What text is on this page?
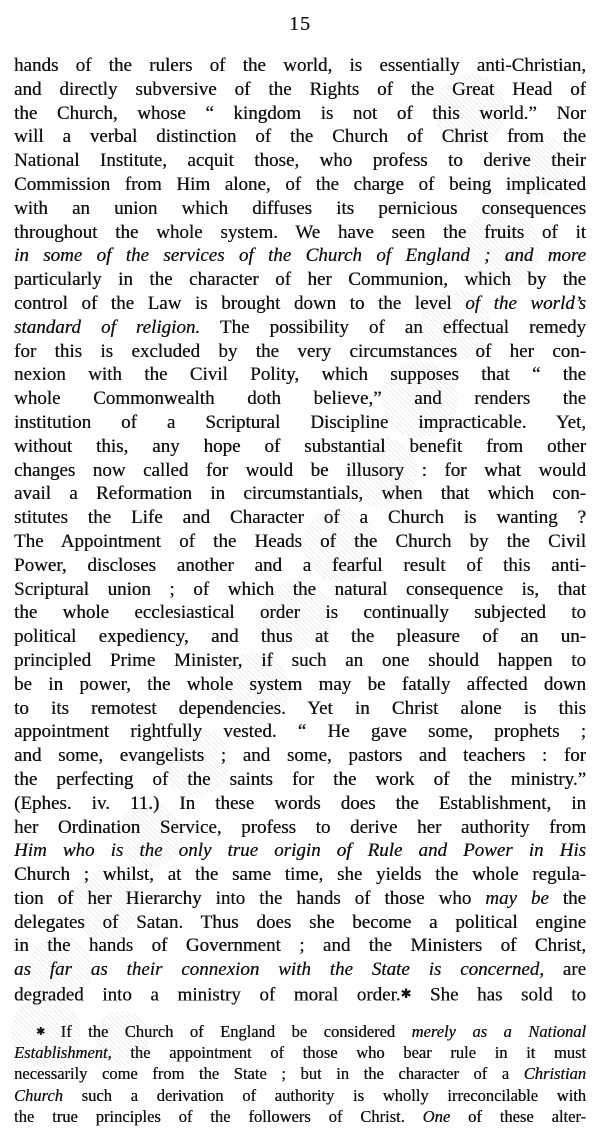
15
hands of the rulers of the world, is essentially anti-Christian,
and directly subversive of the Rights of the Great Head of
the Church, whose “ kingdom is not of this world.” Nor
will a verbal distinction of the Church of Christ from the
National Institute, acquit those, who profess to derive their
Commission from Him alone, of the charge of being implicated
with an union which diffuses its pernicious consequences
throughout the whole system. We have seen the fruits of it
in some of the services of the Church of England ; and more
particularly in the character of her Communion, which by the
control of the Law is brought down to the level of the world’s
standard of religion. The possibility of an effectual remedy
for this is excluded by the very circumstances of her con-
nexion with the Civil Polity, which supposes that “ the
whole Commonwealth doth believe,” and renders the
institution of a Scriptural Discipline impracticable. Yet,
without this, any hope of substantial benefit from other
changes now called for would be illusory : for what would
avail a Reformation in circumstantials, when that which con-
stitutes the Life and Character of a Church is wanting ?
The Appointment of the Heads of the Church by the Civil
Power, discloses another and a fearful result of this anti-
Scriptural union ; of which the natural consequence is, that
the whole ecclesiastical order is continually subjected to
political expediency, and thus at the pleasure of an un-
principled Prime Minister, if such an one should happen to
be in power, the whole system may be fatally affected down
to its remotest dependencies. Yet in Christ alone is this
appointment rightfully vested. “ He gave some, prophets ;
and some, evangelists ; and some, pastors and teachers : for
the perfecting of the saints for the work of the ministry.”
(Ephes. iv. 11.) In these words does the Establishment, in
her Ordination Service, profess to derive her authority from
Him who is the only true origin of Rule and Power in His
Church ; whilst, at the same time, she yields the whole regula-
tion of her Hierarchy into the hands of those who may be the
delegates of Satan. Thus does she become a political engine
in the hands of Government ; and the Ministers of Christ,
as far as their connexion with the State is concerned, are
degraded into a ministry of moral order.✱ She has sold to
✱ If the Church of England be considered merely as a National
Establishment, the appointment of those who bear rule in it must
necessarily come from the State ; but in the character of a Christian
Church such a derivation of authority is wholly irreconcilable with
the true principles of the followers of Christ. One of these alter-
